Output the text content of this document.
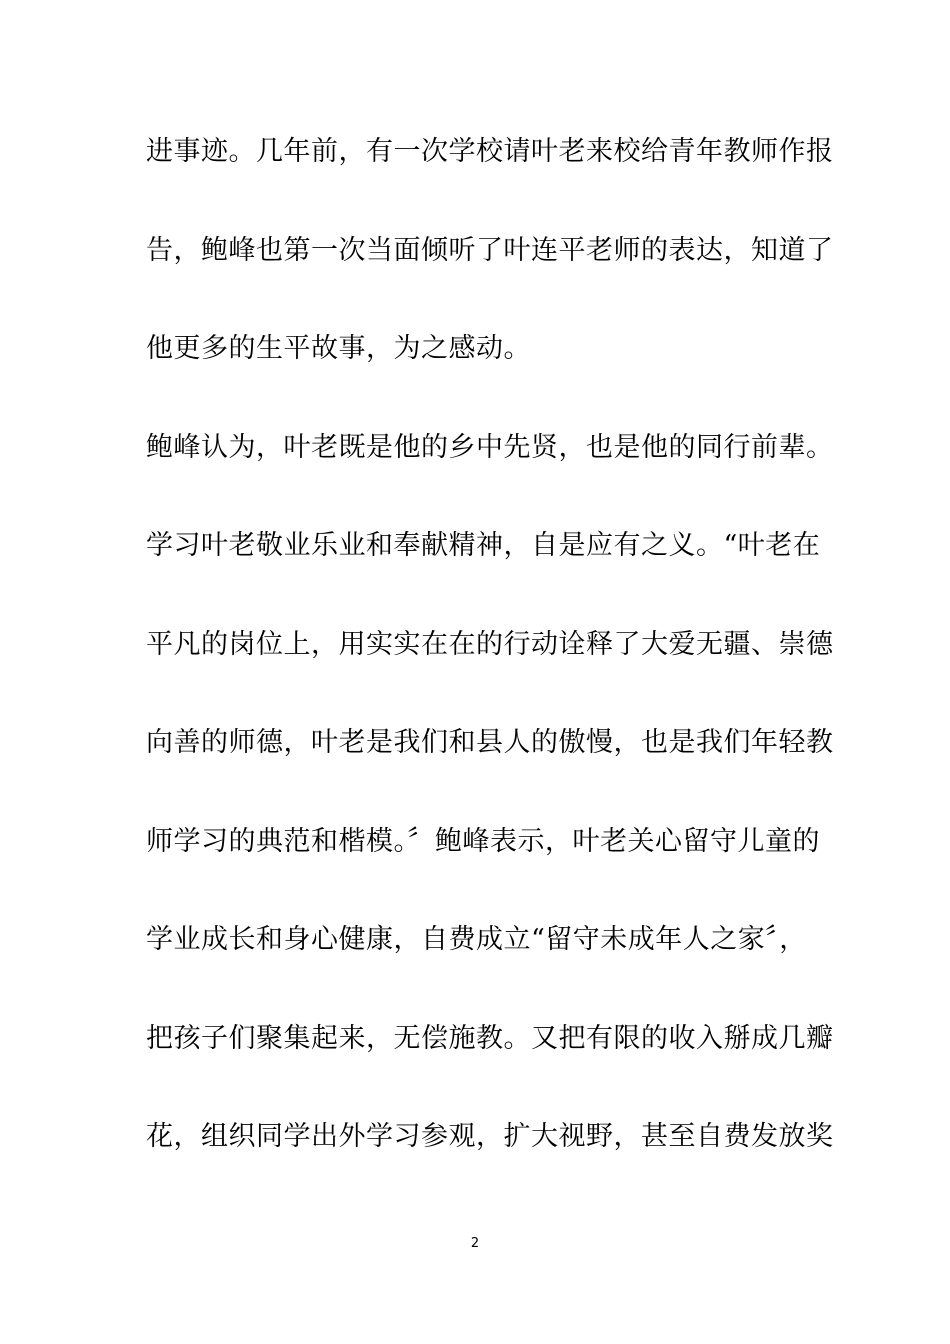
进事迹。几年前，有一次学校请叶老来校给青年教师作报
告，鲍峰也第一次当面倾听了叶连平老师的表达，知道了
他更多的生平故事，为之感动。
鲍峰认为，叶老既是他的乡中先贤，也是他的同行前辈。
学习叶老敬业乐业和奉献精神，自是应有之义。“叶老在
平凡的岗位上，用实实在在的行动诠释了大爱无疆、崇德
向善的师德，叶老是我们和县人的傲慢，也是我们年轻教
师学习的典范和楷模。〞鲍峰表示，叶老关心留守儿童的
学业成长和身心健康，自费成立“留守未成年人之家〞，
把孩子们聚集起来，无偿施教。又把有限的收入掰成几瓣
花，组织同学出外学习参观，扩大视野，甚至自费发放奖
2
